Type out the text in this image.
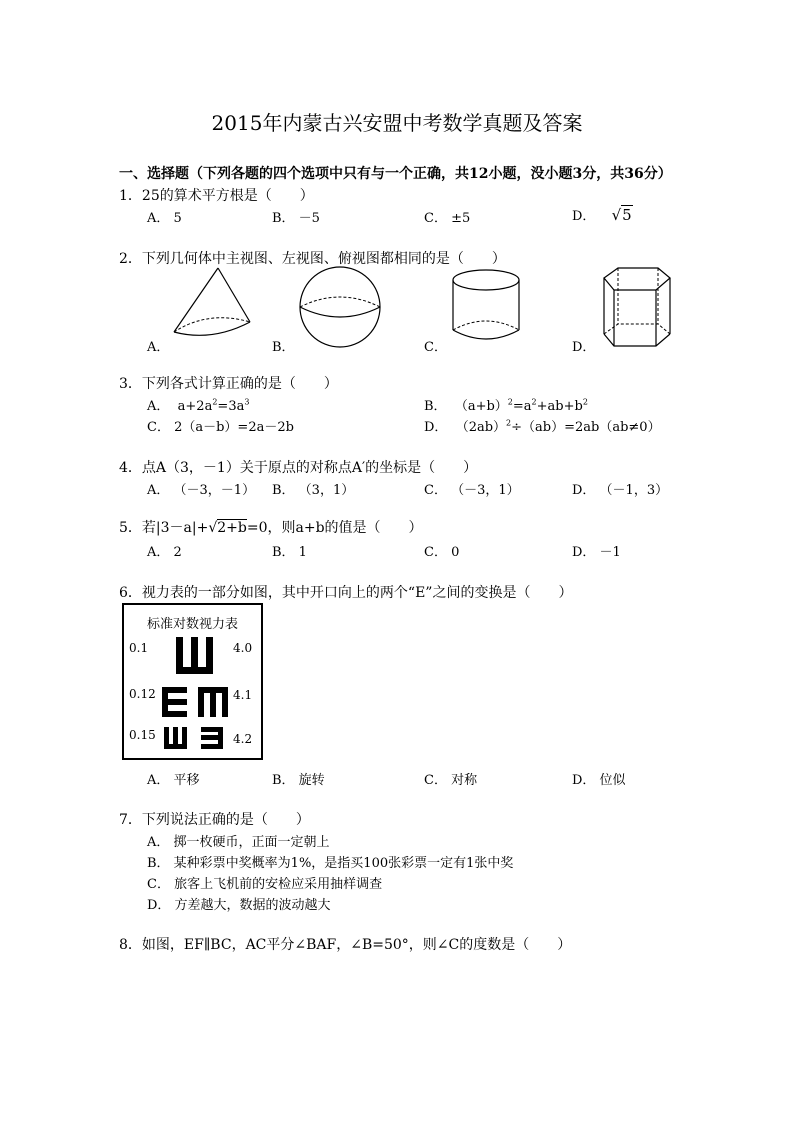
2015年内蒙古兴安盟中考数学真题及答案
一、选择题（下列各题的四个选项中只有与一个正确，共12小题，没小题3分，共36分）
1．25的算术平方根是（　　）
A． 5	B． －5	C． ±5	D． √5
2．下列几何体中主视图、左视图、俯视图都相同的是（　　）
A．	B．	C．	D．
3．下列各式计算正确的是（　　）
A． $a+2a^2=3a^3$	B． $(a+b)^2=a^2+ab+b^2$
C． 2（a－b）=2a－2b	D． $(2ab)^2\div(ab)=2ab(ab\ne 0)$
4．点A（3，－1）关于原点的对称点A′的坐标是（　　）
A． （－3，－1） B． （3，1）	C． （－3，1）	D． （－1，3）
5．若|3－a|+√2+b=0，则a+b的值是（　　）
A． 2	B． 1	C． 0	D． －1
6．视力表的一部分如图，其中开口向上的两个“E”之间的变换是（　　）
标准对数视力表
0.1
0.12
0.15
4.0
4.1
4.2
A． 平移	B． 旋转	C． 对称	D． 位似
7．下列说法正确的是（　　）
A． 掷一枚硬币，正面一定朝上
B． 某种彩票中奖概率为1%，是指买100张彩票一定有1张中奖
C． 旅客上飞机前的安检应采用抽样调查
D． 方差越大，数据的波动越大
8．如图，EF∥BC，AC平分∠BAF，∠B=50°，则∠C的度数是（　　）
